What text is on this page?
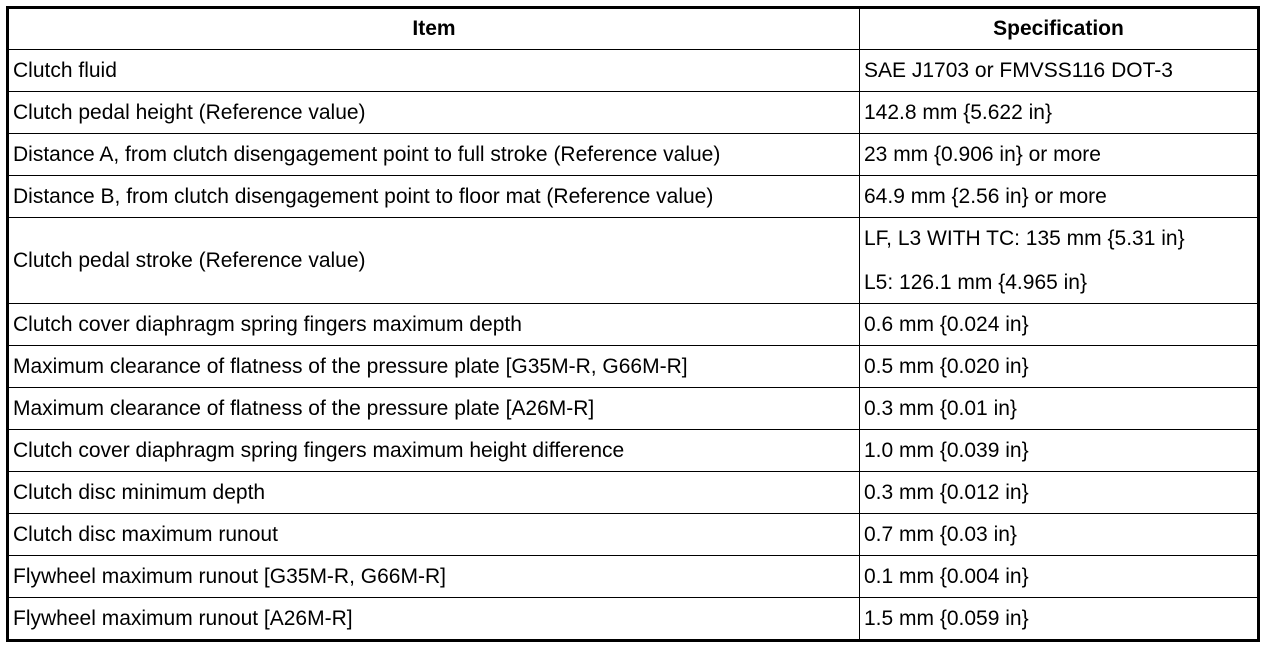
Item	Specification
Clutch fluid	SAE J1703 or FMVSS116 DOT-3
Clutch pedal height (Reference value)	142.8 mm {5.622 in}
Distance A, from clutch disengagement point to full stroke (Reference value)	23 mm {0.906 in} or more
Distance B, from clutch disengagement point to floor mat (Reference value)	64.9 mm {2.56 in} or more
Clutch pedal stroke (Reference value)	LF, L3 WITH TC: 135 mm {5.31 in}
L5: 126.1 mm {4.965 in}

Clutch cover diaphragm spring fingers maximum depth	0.6 mm {0.024 in}
Maximum clearance of flatness of the pressure plate [G35M-R, G66M-R]	0.5 mm {0.020 in}
Maximum clearance of flatness of the pressure plate [A26M-R]	0.3 mm {0.01 in}
Clutch cover diaphragm spring fingers maximum height difference	1.0 mm {0.039 in}
Clutch disc minimum depth	0.3 mm {0.012 in}
Clutch disc maximum runout	0.7 mm {0.03 in}
Flywheel maximum runout [G35M-R, G66M-R]	0.1 mm {0.004 in}
Flywheel maximum runout [A26M-R]	1.5 mm {0.059 in}
